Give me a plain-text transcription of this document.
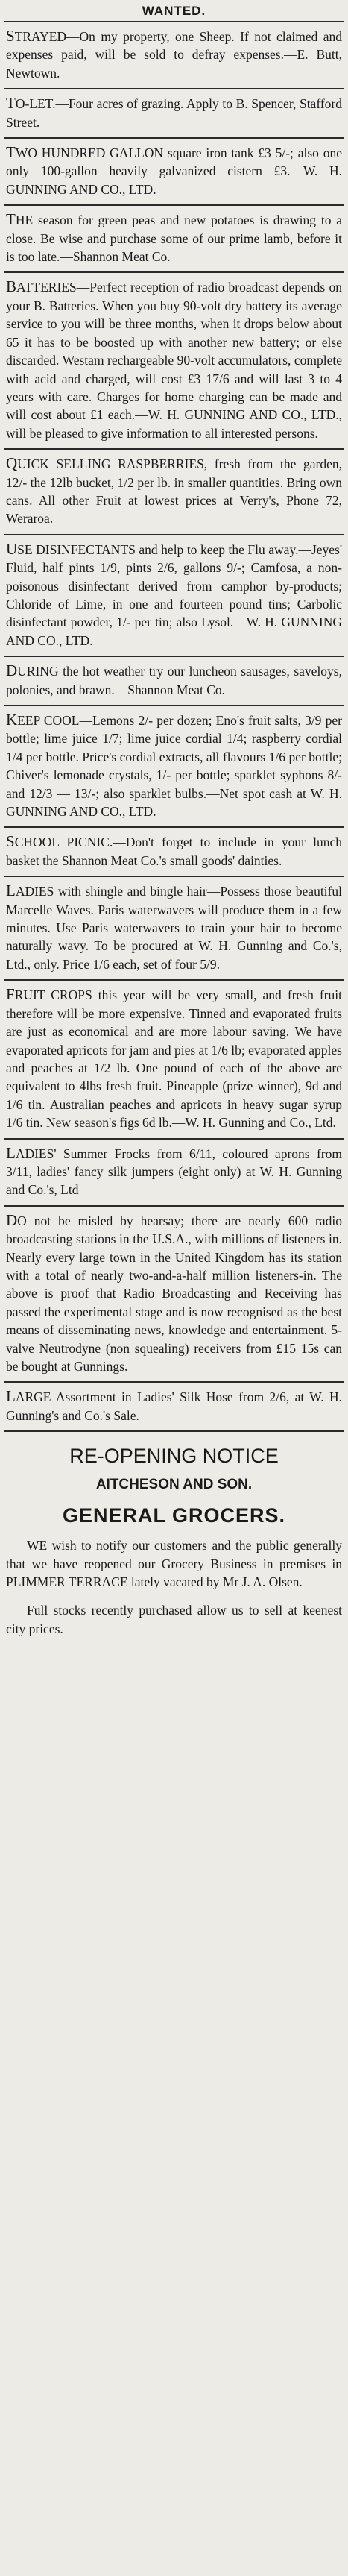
WANTED.

STRAYED—On my property, one Sheep. If not claimed and expenses paid, will be sold to defray expenses.—E. Butt, Newtown.

TO-LET.—Four acres of grazing. Apply to B. Spencer, Stafford Street.

TWO HUNDRED GALLON square iron tank £3 5/-; also one only 100-gallon heavily galvanized cistern £3.—W. H. GUNNING AND CO., LTD.

THE season for green peas and new potatoes is drawing to a close. Be wise and purchase some of our prime lamb, before it is too late.—Shannon Meat Co.

BATTERIES—Perfect reception of radio broadcast depends on your B. Batteries. When you buy 90-volt dry battery its average service to you will be three months, when it drops below about 65 it has to be boosted up with another new battery; or else discarded. Westam rechargeable 90-volt accumulators, complete with acid and charged, will cost £3 17/6 and will last 3 to 4 years with care. Charges for home charging can be made and will cost about £1 each.—W. H. GUNNING AND CO., LTD., will be pleased to give information to all interested persons.

QUICK SELLING RASPBERRIES, fresh from the garden, 12/- the 12lb bucket, 1/2 per lb. in smaller quantities. Bring own cans. All other Fruit at lowest prices at Verry's, Phone 72, Weraroa.

USE DISINFECTANTS and help to keep the Flu away.—Jeyes' Fluid, half pints 1/9, pints 2/6, gallons 9/-; Camfosa, a non-poisonous disinfectant derived from camphor by-products; Chloride of Lime, in one and fourteen pound tins; Carbolic disinfectant powder, 1/- per tin; also Lysol.—W. H. GUNNING AND CO., LTD.

DURING the hot weather try our luncheon sausages, saveloys, polonies, and brawn.—Shannon Meat Co.

KEEP COOL—Lemons 2/- per dozen; Eno's fruit salts, 3/9 per bottle; lime juice 1/7; lime juice cordial 1/4; raspberry cordial 1/4 per bottle. Price's cordial extracts, all flavours 1/6 per bottle; Chiver's lemonade crystals, 1/- per bottle; sparklet syphons 8/- and 12/3 — 13/-; also sparklet bulbs.—Net spot cash at W. H. GUNNING AND CO., LTD.

SCHOOL PICNIC.—Don't forget to include in your lunch basket the Shannon Meat Co.'s small goods' dainties.

LADIES with shingle and bingle hair—Possess those beautiful Marcelle Waves. Paris waterwavers will produce them in a few minutes. Use Paris waterwavers to train your hair to become naturally wavy. To be procured at W. H. Gunning and Co.'s, Ltd., only. Price 1/6 each, set of four 5/9.

FRUIT CROPS this year will be very small, and fresh fruit therefore will be more expensive. Tinned and evaporated fruits are just as economical and are more labour saving. We have evaporated apricots for jam and pies at 1/6 lb; evaporated apples and peaches at 1/2 lb. One pound of each of the above are equivalent to 4lbs fresh fruit. Pineapple (prize winner), 9d and 1/6 tin. Australian peaches and apricots in heavy sugar syrup 1/6 tin. New season's figs 6d lb.—W. H. Gunning and Co., Ltd.

LADIES' Summer Frocks from 6/11, coloured aprons from 3/11, ladies' fancy silk jumpers (eight only) at W. H. Gunning and Co.'s, Ltd

DO not be misled by hearsay; there are nearly 600 radio broadcasting stations in the U.S.A., with millions of listeners in. Nearly every large town in the United Kingdom has its station with a total of nearly two-and-a-half million listeners-in. The above is proof that Radio Broadcasting and Receiving has passed the experimental stage and is now recognised as the best means of disseminating news, knowledge and entertainment. 5-valve Neutrodyne (non squealing) receivers from £15 15s can be bought at Gunnings.

LARGE Assortment in Ladies' Silk Hose from 2/6, at W. H. Gunning's and Co.'s Sale.

RE-OPENING NOTICE
AITCHESON AND SON.
GENERAL GROCERS.

WE wish to notify our customers and the public generally that we have reopened our Grocery Business in premises in PLIMMER TERRACE lately vacated by Mr J. A. Olsen.

Full stocks recently purchased allow us to sell at keenest city prices.
